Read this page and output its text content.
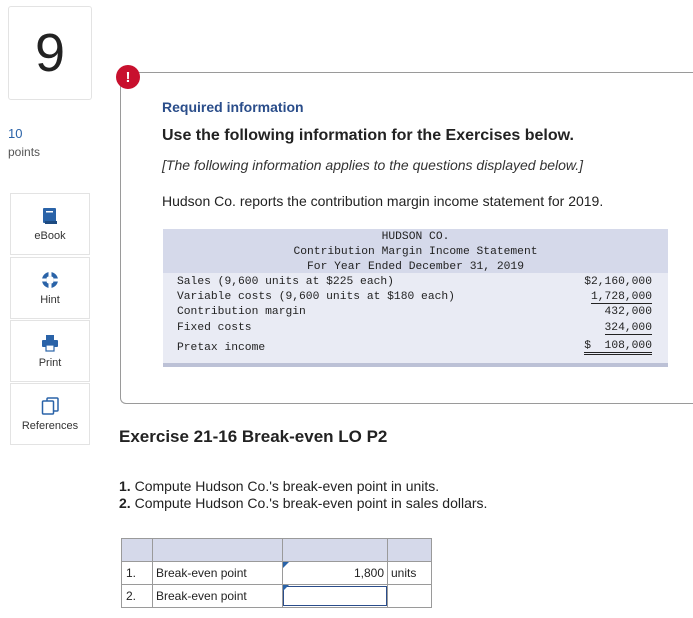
9
10
points
eBook
Hint
Print
References
!
Required information
Use the following information for the Exercises below.
[The following information applies to the questions displayed below.]
Hudson Co. reports the contribution margin income statement for 2019.
HUDSON CO.
Contribution Margin Income Statement
For Year Ended December 31, 2019
Sales (9,600 units at $225 each)	$2,160,000
Variable costs (9,600 units at $180 each)	1,728,000
Contribution margin	432,000
Fixed costs	324,000
Pretax income	$  108,000
Exercise 21-16 Break-even LO P2
1. Compute Hudson Co.'s break-even point in units.
2. Compute Hudson Co.'s break-even point in sales dollars.

1.	Break-even point	1,800	units
2.	Break-even point	
